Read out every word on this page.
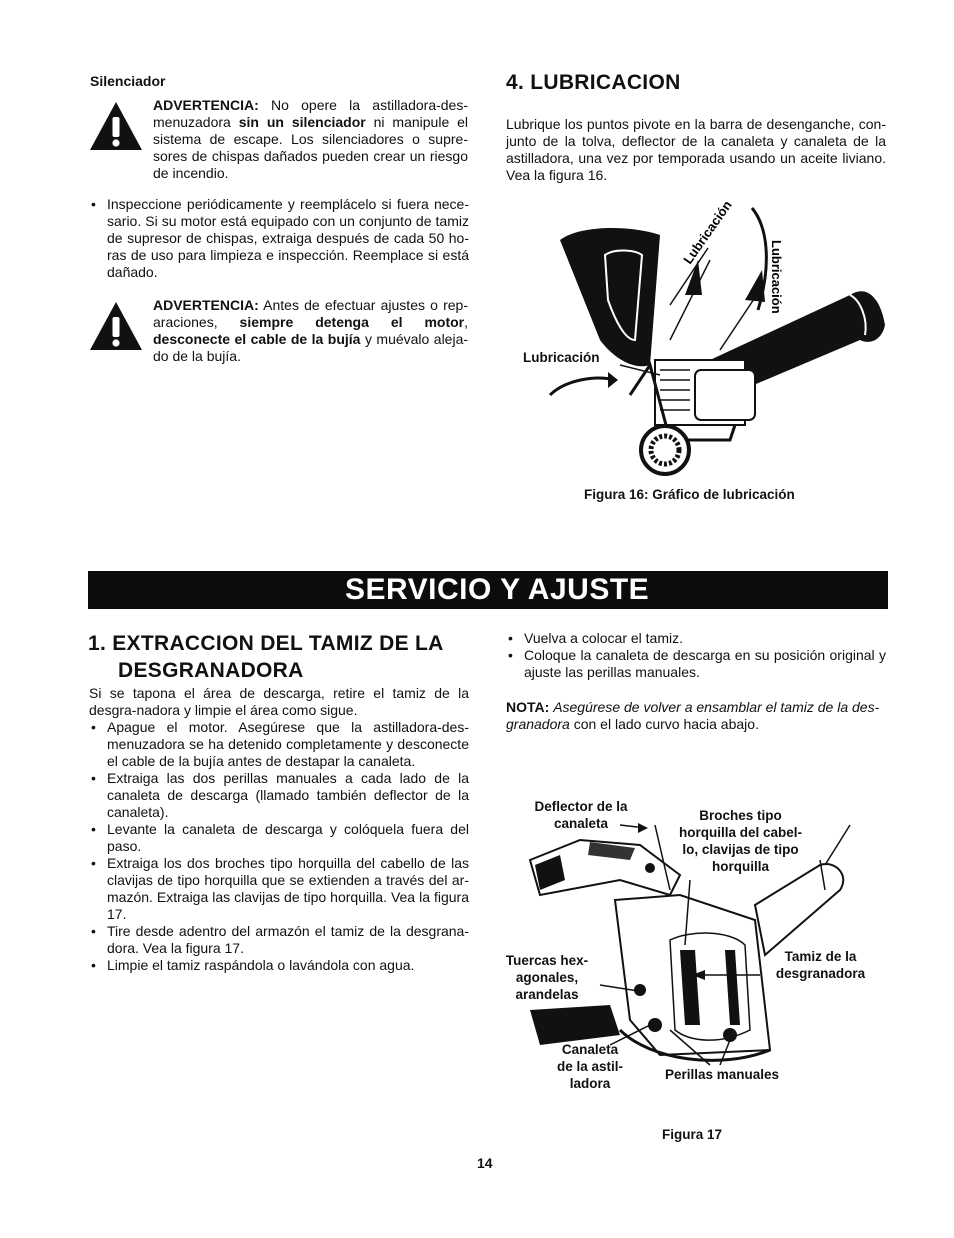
Silenciador
ADVERTENCIA: No opere la astilladora-des-menuzadora sin un silenciador ni manipule el sistema de escape. Los silenciadores o supre-sores de chispas dañados pueden crear un riesgo de incendio.
• Inspeccione periódicamente y reemplácelo si fuera nece-sario. Si su motor está equipado con un conjunto de tamiz de supresor de chispas, extraiga después de cada 50 ho-ras de uso para limpieza e inspección. Reemplace si está dañado.
ADVERTENCIA: Antes de efectuar ajustes o rep-araciones, siempre detenga el motor, desconecte el cable de la bujía y muévalo aleja-do de la bujía.
4. LUBRICACION
Lubrique los puntos pivote en la barra de desenganche, con-junto de la tolva, deflector de la canaleta y canaleta de la astilladora, una vez por temporada usando un aceite liviano. Vea la figura 16.
Lubricación
Lubricación
Lubricación
Figura 16: Gráfico de lubricación
SERVICIO Y AJUSTE
1. EXTRACCION DEL TAMIZ DE LA
DESGRANADORA
Si se tapona el área de descarga, retire el tamiz de la desgra-nadora y limpie el área como sigue.
• Apague el motor. Asegúrese que la astilladora-des-menuzadora se ha detenido completamente y desconecte el cable de la bujía antes de destapar la canaleta.
• Extraiga las dos perillas manuales a cada lado de la canaleta de descarga (llamado también deflector de la canaleta).
• Levante la canaleta de descarga y colóquela fuera del paso.
• Extraiga los dos broches tipo horquilla del cabello de las clavijas de tipo horquilla que se extienden a través del ar-mazón. Extraiga las clavijas de tipo horquilla. Vea la figura 17.
• Tire desde adentro del armazón el tamiz de la desgrana-dora. Vea la figura 17.
• Limpie el tamiz raspándola o lavándola con agua.
• Vuelva a colocar el tamiz.
• Coloque la canaleta de descarga en su posición original y ajuste las perillas manuales.
NOTA: Asegúrese de volver a ensamblar el tamiz de la des-granadora con el lado curvo hacia abajo.
Deflector de la
canaleta
Broches tipo
horquilla del cabel-
lo, clavijas de tipo
horquilla
Tuercas hex-
agonales,
arandelas
Tamiz de la
desgranadora
Canaleta
de la astil-
ladora
Perillas manuales
Figura 17
14
